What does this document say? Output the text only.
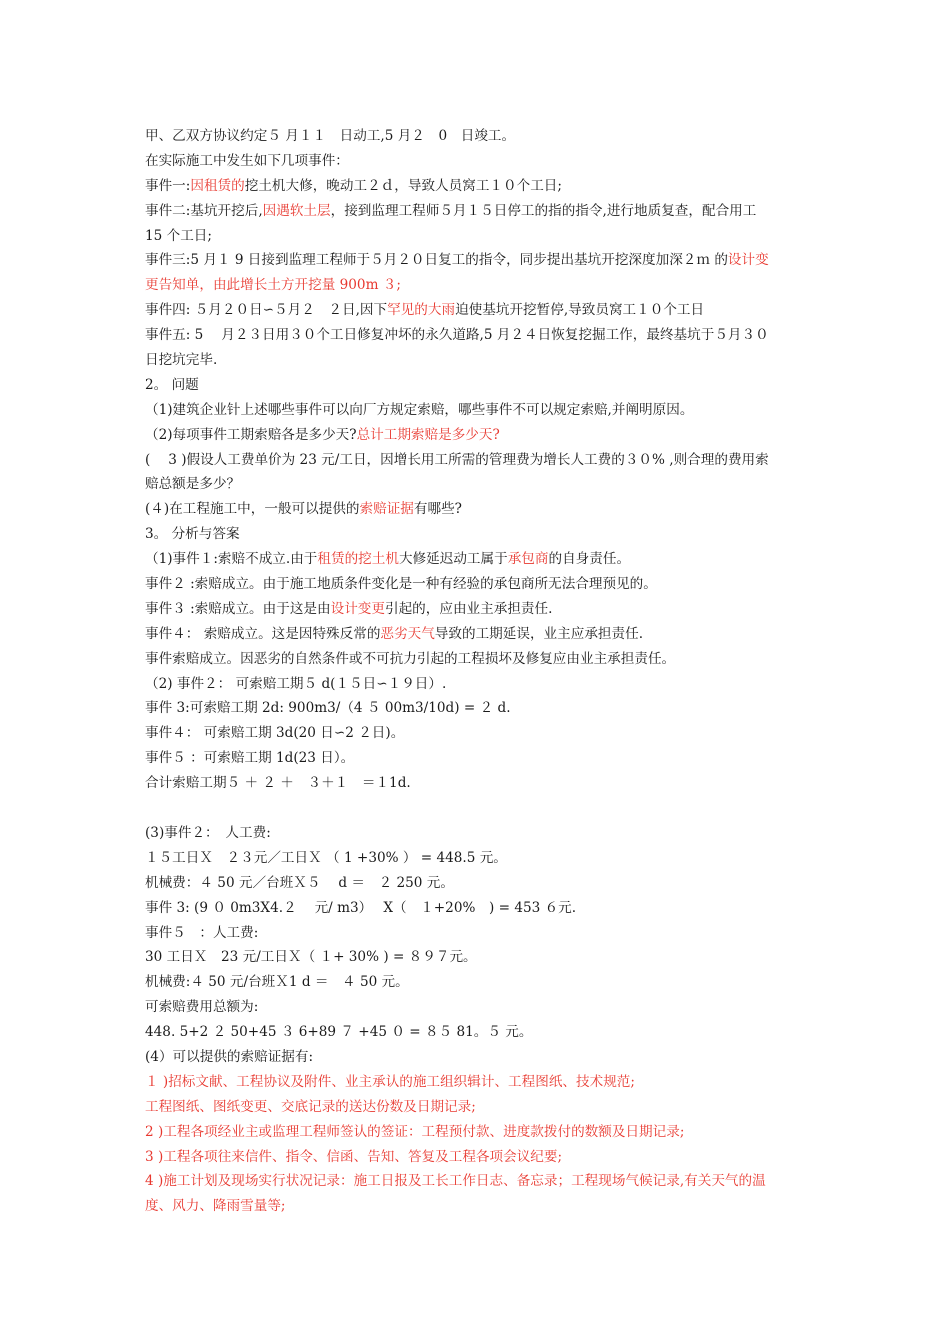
甲、乙双方协议约定５ 月１１　日动工,5 月２　0　日竣工。
在实际施工中发生如下几项事件：
事件一:因租赁的挖土机大修，晚动工２ｄ，导致人员窝工１０个工日;
事件二:基坑开挖后,因遇软土层，接到监理工程师５月１５日停工的指的指令,进行地质复查，配合用工
15 个工日;
事件三:5 月１ 9 日接到监理工程师于５月２０日复工的指令，同步提出基坑开挖深度加深２ｍ 的设计变
更告知单，由此增长土方开挖量 900m ３;
事件四: ５月２０日∽５月２　２日,因下罕见的大雨迫使基坑开挖暂停,导致员窝工１０个工日
事件五: 5　 月２３日用３０个工日修复冲坏的永久道路,5 月２４日恢复挖掘工作，最终基坑于５月３０
日挖坑完毕.
2。 问题
（1)建筑企业针上述哪些事件可以向厂方规定索赔，哪些事件不可以规定索赔,并阐明原因。
（2)每项事件工期索赔各是多少天?总计工期索赔是多少天?
(　 3 )假设人工费单价为 23 元/工日，因增长用工所需的管理费为增长人工费的３０% ,则合理的费用索
赔总额是多少？
(４)在工程施工中，一般可以提供的索赔证据有哪些?
3。 分析与答案
（1)事件１:索赔不成立.由于租赁的挖土机大修延迟动工属于承包商的自身责任。
事件２ :索赔成立。由于施工地质条件变化是一种有经验的承包商所无法合理预见的。
事件３ :索赔成立。由于这是由设计变更引起的，应由业主承担责任.
事件４： 索赔成立。这是因特殊反常的恶劣天气导致的工期延误，业主应承担责任.
事件索赔成立。因恶劣的自然条件或不可抗力引起的工程损坏及修复应由业主承担责任。
（2) 事件２： 可索赔工期５ d(１５日∽１９日）.
事件 3:可索赔工期 2d: 900m3/（4 ５ 00m3/10d) = ２ d.
事件４： 可索赔工期 3d(20 日∽2 ２日)。
事件５ ：可索赔工期 1d(23 日）。
合计索赔工期５ ＋ ２ ＋　３＋１　＝１1d.
(3)事件２：　人工费:
１５工日Ｘ　２３元／工日Ｘ （ 1 +30% ） = 448.5 元。
机械费：４ 50 元／台班Ｘ５　 d ＝　２ 250 元。
事件 3: (9 ０ 0m3X4.２　 元/ m3）　 X（　１+20%　) = 453 ６元.
事件５　：人工费:
30 工日Ｘ　23 元/工日Ｘ（ １+ 30% ) = ８９７元。
机械费:４ 50 元/台班Ｘ1 d ＝　４ 50 元。
可索赔费用总额为:
448. 5+2 ２ 50+45 ３ 6+89 ７ +45 ０ = ８５ 81。５ 元。
(4）可以提供的索赔证据有:
１ )招标文献、工程协议及附件、业主承认的施工组织辑计、工程图纸、技术规范;
工程图纸、图纸变更、交底记录的送达份数及日期记录;
2 )工程各项经业主或监理工程师签认的签证：工程预付款、进度款拨付的数额及日期记录;
3 )工程各项往来信件、指令、信函、告知、答复及工程各项会议纪要;
4 )施工计划及现场实行状况记录：施工日报及工长工作日志、备忘录；工程现场气候记录,有关天气的温
度、风力、降雨雪量等;
